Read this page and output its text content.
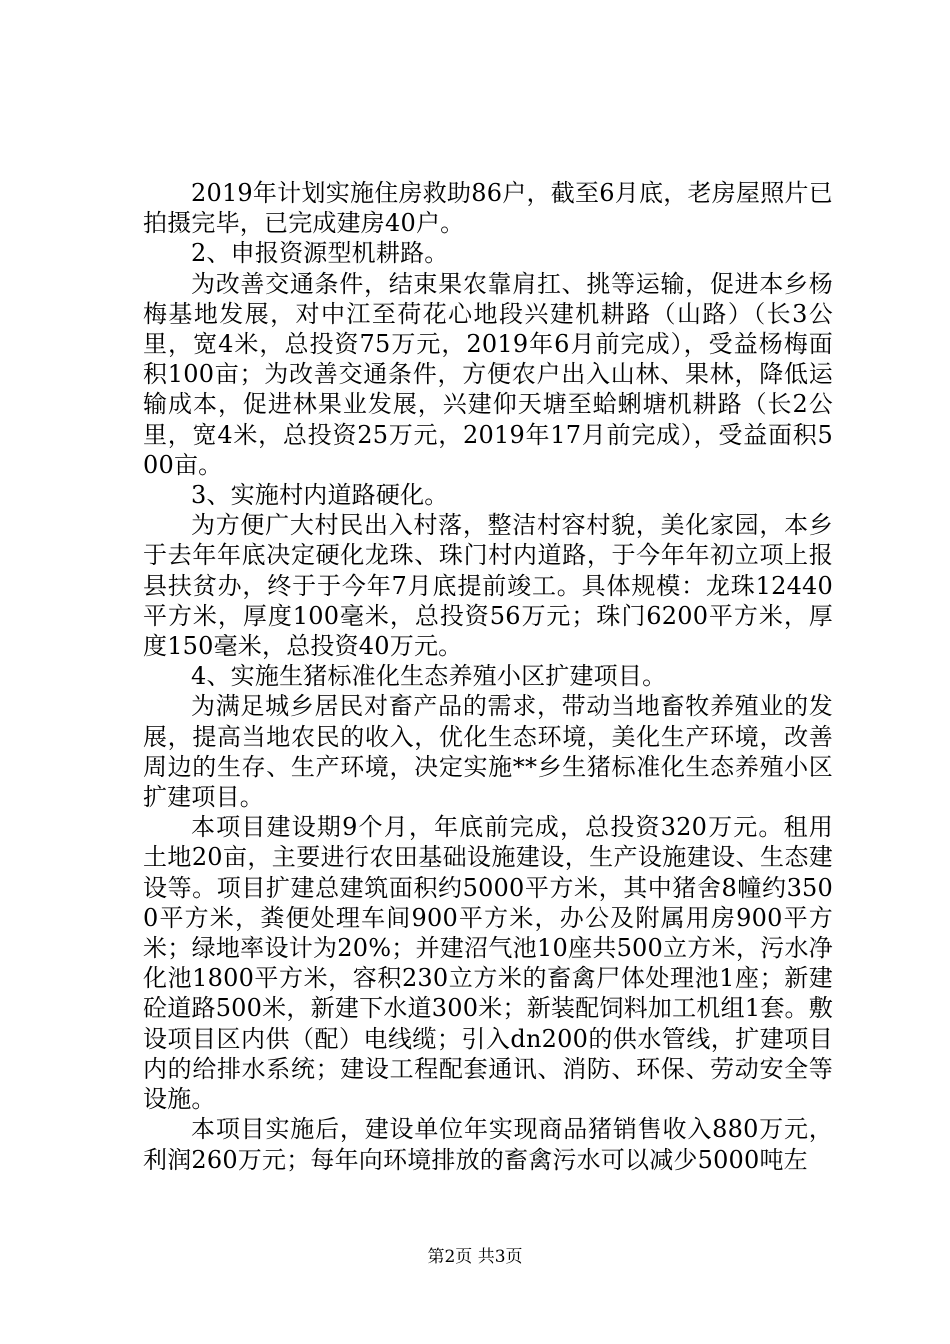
2019年计划实施住房救助86户，截至6月底，老房屋照片已拍摄完毕，已完成建房40户。

2、申报资源型机耕路。

为改善交通条件，结束果农靠肩扛、挑等运输，促进本乡杨梅基地发展，对中江至荷花心地段兴建机耕路（山路）（长3公里，宽4米，总投资75万元，2019年6月前完成），受益杨梅面积100亩；为改善交通条件，方便农户出入山林、果林，降低运输成本，促进林果业发展，兴建仰天塘至蛤蜊塘机耕路（长2公里，宽4米，总投资25万元，2019年17月前完成），受益面积500亩。

3、实施村内道路硬化。

为方便广大村民出入村落，整洁村容村貌，美化家园，本乡于去年年底决定硬化龙珠、珠门村内道路，于今年年初立项上报县扶贫办，终于于今年7月底提前竣工。具体规模：龙珠12440平方米，厚度100毫米，总投资56万元；珠门6200平方米，厚度150毫米，总投资40万元。

4、实施生猪标准化生态养殖小区扩建项目。

为满足城乡居民对畜产品的需求，带动当地畜牧养殖业的发展，提高当地农民的收入，优化生态环境，美化生产环境，改善周边的生存、生产环境，决定实施**乡生猪标准化生态养殖小区扩建项目。

本项目建设期9个月，年底前完成，总投资320万元。租用土地20亩，主要进行农田基础设施建设，生产设施建设、生态建设等。项目扩建总建筑面积约5000平方米，其中猪舍8幢约3500平方米，粪便处理车间900平方米，办公及附属用房900平方米；绿地率设计为20%；并建沼气池10座共500立方米，污水净化池1800平方米，容积230立方米的畜禽尸体处理池1座；新建砼道路500米，新建下水道300米；新装配饲料加工机组1套。敷设项目区内供（配）电线缆；引入dn200的供水管线，扩建项目内的给排水系统；建设工程配套通讯、消防、环保、劳动安全等设施。

本项目实施后，建设单位年实现商品猪销售收入880万元，利润260万元；每年向环境排放的畜禽污水可以减少5000吨左

第2页 共3页
